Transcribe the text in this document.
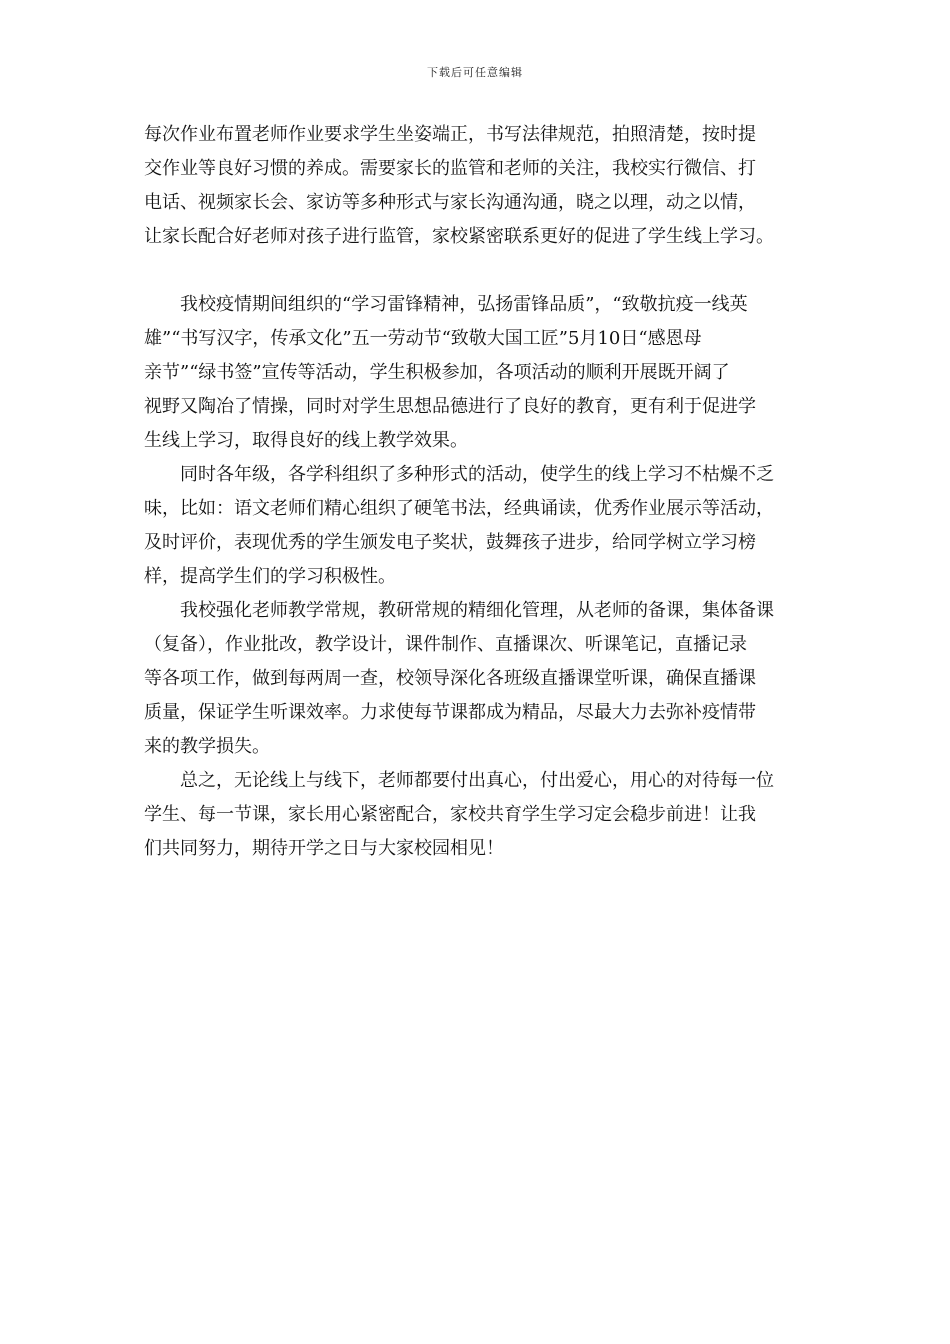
下载后可任意编辑
每次作业布置老师作业要求学生坐姿端正，书写法律规范，拍照清楚，按时提
交作业等良好习惯的养成。需要家长的监管和老师的关注，我校实行微信、打
电话、视频家长会、家访等多种形式与家长沟通沟通，晓之以理，动之以情，
让家长配合好老师对孩子进行监管，家校紧密联系更好的促进了学生线上学习。
　　我校疫情期间组织的“学习雷锋精神，弘扬雷锋品质”，“致敬抗疫一线英
雄”“书写汉字，传承文化”五一劳动节“致敬大国工匠”5月10日“感恩母
亲节”“绿书签”宣传等活动，学生积极参加，各项活动的顺利开展既开阔了
视野又陶冶了情操，同时对学生思想品德进行了良好的教育，更有利于促进学
生线上学习，取得良好的线上教学效果。
　　同时各年级，各学科组织了多种形式的活动，使学生的线上学习不枯燥不乏
味，比如：语文老师们精心组织了硬笔书法，经典诵读，优秀作业展示等活动，
及时评价，表现优秀的学生颁发电子奖状，鼓舞孩子进步，给同学树立学习榜
样，提高学生们的学习积极性。
　　我校强化老师教学常规，教研常规的精细化管理，从老师的备课，集体备课
（复备），作业批改，教学设计，课件制作、直播课次、听课笔记，直播记录
等各项工作，做到每两周一查，校领导深化各班级直播课堂听课，确保直播课
质量，保证学生听课效率。力求使每节课都成为精品，尽最大力去弥补疫情带
来的教学损失。
　　总之，无论线上与线下，老师都要付出真心，付出爱心，用心的对待每一位
学生、每一节课，家长用心紧密配合，家校共育学生学习定会稳步前进！让我
们共同努力，期待开学之日与大家校园相见！
